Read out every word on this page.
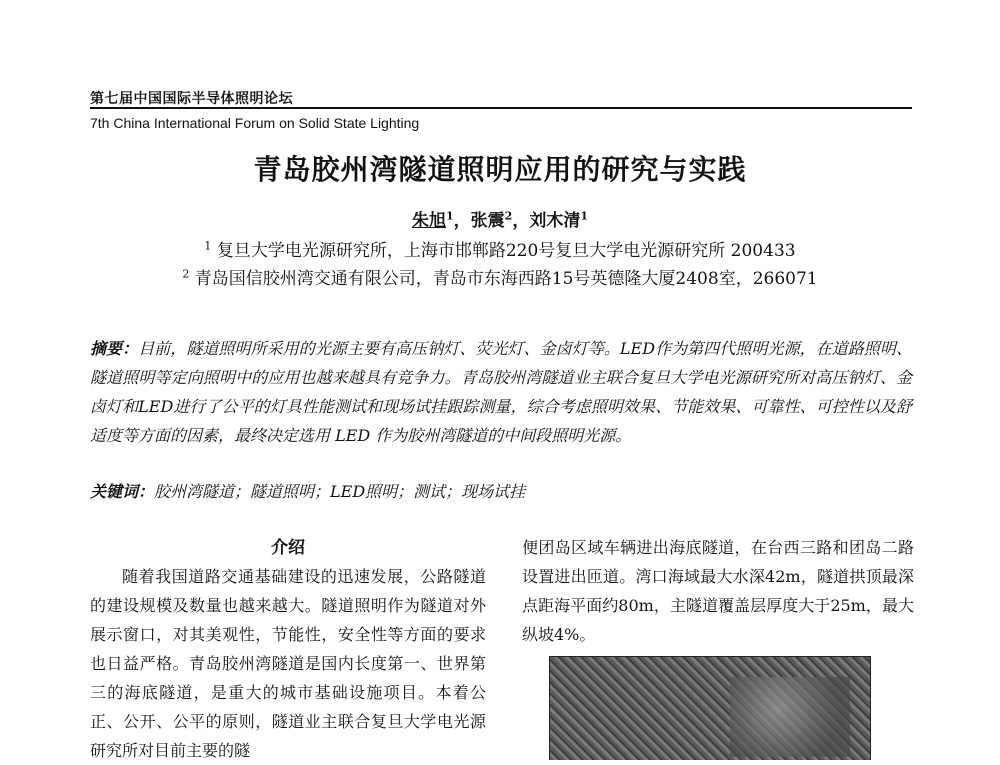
第七届中国国际半导体照明论坛
7th China International Forum on Solid State Lighting
青岛胶州湾隧道照明应用的研究与实践
朱旭$^1$，张震$^2$，刘木清$^1$
$^1$ 复旦大学电光源研究所，上海市邯郸路220号复旦大学电光源研究所 200433
$^2$ 青岛国信胶州湾交通有限公司，青岛市东海西路15号英德隆大厦2408室，266071
摘要：目前，隧道照明所采用的光源主要有高压钠灯、荧光灯、金卤灯等。LED作为第四代照明光源，在道路照明、隧道照明等定向照明中的应用也越来越具有竞争力。青岛胶州湾隧道业主联合复旦大学电光源研究所对高压钠灯、金卤灯和LED进行了公平的灯具性能测试和现场试挂跟踪测量，综合考虑照明效果、节能效果、可靠性、可控性以及舒适度等方面的因素，最终决定选用 LED 作为胶州湾隧道的中间段照明光源。
关键词：胶州湾隧道；隧道照明；LED照明；测试；现场试挂
介绍

随着我国道路交通基础建设的迅速发展，公路隧道的建设规模及数量也越来越大。隧道照明作为隧道对外展示窗口，对其美观性，节能性，安全性等方面的要求也日益严格。青岛胶州湾隧道是国内长度第一、世界第三的海底隧道，是重大的城市基础设施项目。本着公正、公开、公平的原则，隧道业主联合复旦大学电光源研究所对目前主要的隧

便团岛区域车辆进出海底隧道，在台西三路和团岛二路设置进出匝道。湾口海域最大水深42m，隧道拱顶最深点距海平面约80m，主隧道覆盖层厚度大于25m，最大纵坡4%。
